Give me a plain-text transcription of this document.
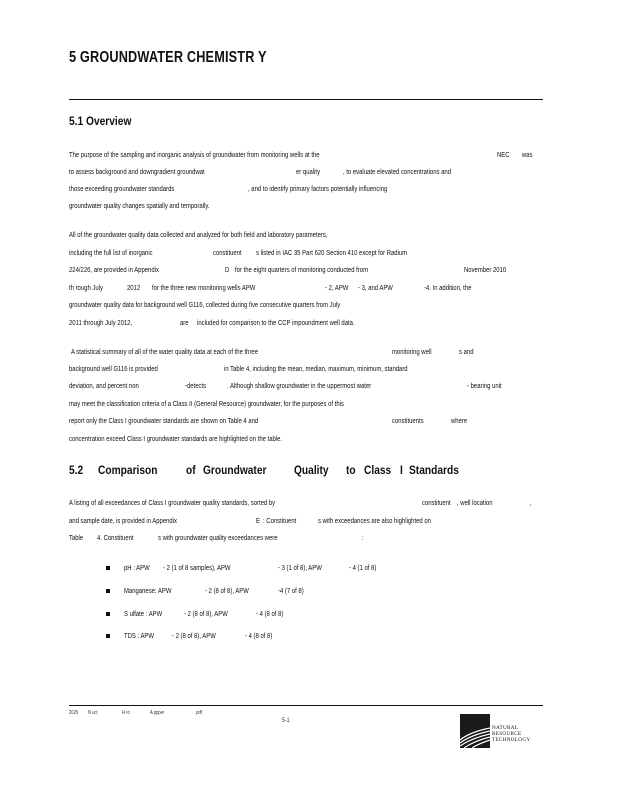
5 GROUNDWATER CHEMISTR Y
5.1 Overview
The purpose of the sampling and inorganic analysis of groundwater from monitoring wells at the	NEC was
to assess background and downgradient groundwat	er quality	, to evaluate elevated concentrations and
those exceeding groundwater standards	, and to identify primary factors potentially influencing
groundwater quality changes spatially and temporally.
All of the groundwater quality data collected and analyzed for both field and laboratory parameters,
including the full list of inorganic	constituent s listed in IAC 35 Part 620 Section 410 except for Radium
224/226, are provided in Appendix	D for the eight quarters of monitoring conducted from	November 2010
th rough July	2012 for the three new monitoring wells APW	- 2, APW - 3, and APW	-4. In addition, the
groundwater quality data for background well G116, collected during five consecutive quarters from July
2011 through July 2012,	are included for comparison to the CCP impoundment well data.
A statistical summary of all of the water quality data at each of the three	monitoring well	s and
background well G116 is provided	in Table 4, including the mean, median, maximum, minimum, standard
deviation, and percent non	-detects	. Although shallow groundwater in the uppermost water	- bearing unit
may meet the classification criteria of a Class II (General Resource) groundwater, for the purposes of this
report only the Class I groundwater standards are shown on Table 4 and	constituents	where
concentration exceed Class I groundwater standards are highlighted on the table.
5.2 Comparison of Groundwater Quality to Class I Standards
A listing of all exceedances of Class I groundwater quality standards, sorted by	constituent , well location	,
and sample date, is provided in Appendix	E : Constituent	s with exceedances are also highlighted on
Table 4. Constituent	s with groundwater quality exceedances were	:
pH : APW - 2 (1 of 8 samples), APW	- 3 (1 of 8), APW	- 4 (1 of 8)
Manganese: APW	- 2 (8 of 8), APW	-4 (7 of 8)
S ulfate : APW	- 2 (8 of 8), APW	- 4 (8 of 8)
TDS : APW - 2 (8 of 8), APW	- 4 (8 of 8)
2025 N uci	H ro	A ppper	.pdf
5-1
NATURAL
RESOURCE
TECHNOLOGY
